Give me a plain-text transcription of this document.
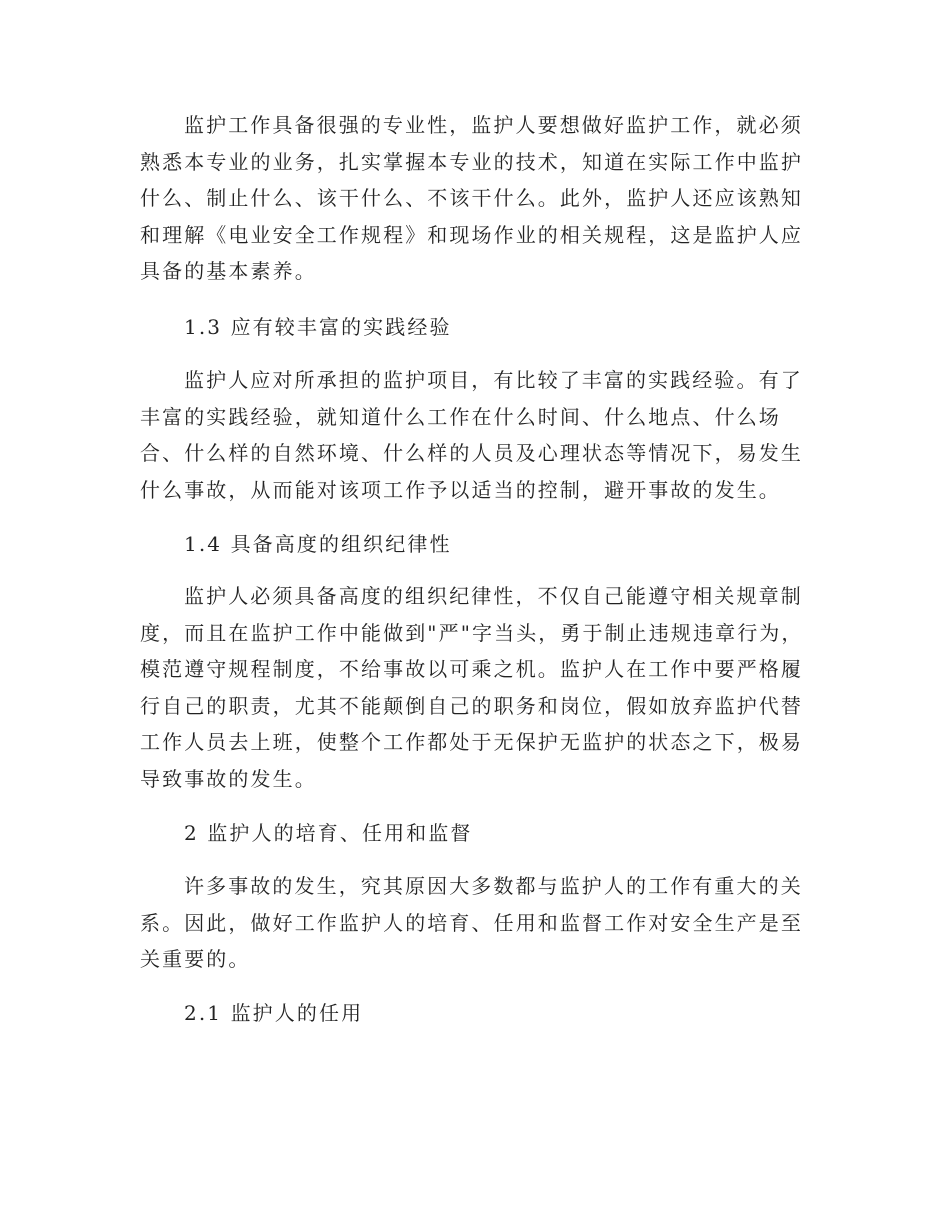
监护工作具备很强的专业性，监护人要想做好监护工作，就必须
熟悉本专业的业务，扎实掌握本专业的技术，知道在实际工作中监护
什么、制止什么、该干什么、不该干什么。此外，监护人还应该熟知
和理解《电业安全工作规程》和现场作业的相关规程，这是监护人应
具备的基本素养。

1.3 应有较丰富的实践经验

监护人应对所承担的监护项目，有比较了丰富的实践经验。有了
丰富的实践经验，就知道什么工作在什么时间、什么地点、什么场
合、什么样的自然环境、什么样的人员及心理状态等情况下，易发生
什么事故，从而能对该项工作予以适当的控制，避开事故的发生。

1.4 具备高度的组织纪律性

监护人必须具备高度的组织纪律性，不仅自己能遵守相关规章制
度，而且在监护工作中能做到"严"字当头，勇于制止违规违章行为，
模范遵守规程制度，不给事故以可乘之机。监护人在工作中要严格履
行自己的职责，尤其不能颠倒自己的职务和岗位，假如放弃监护代替
工作人员去上班，使整个工作都处于无保护无监护的状态之下，极易
导致事故的发生。

2 监护人的培育、任用和监督

许多事故的发生，究其原因大多数都与监护人的工作有重大的关
系。因此，做好工作监护人的培育、任用和监督工作对安全生产是至
关重要的。

2.1 监护人的任用
